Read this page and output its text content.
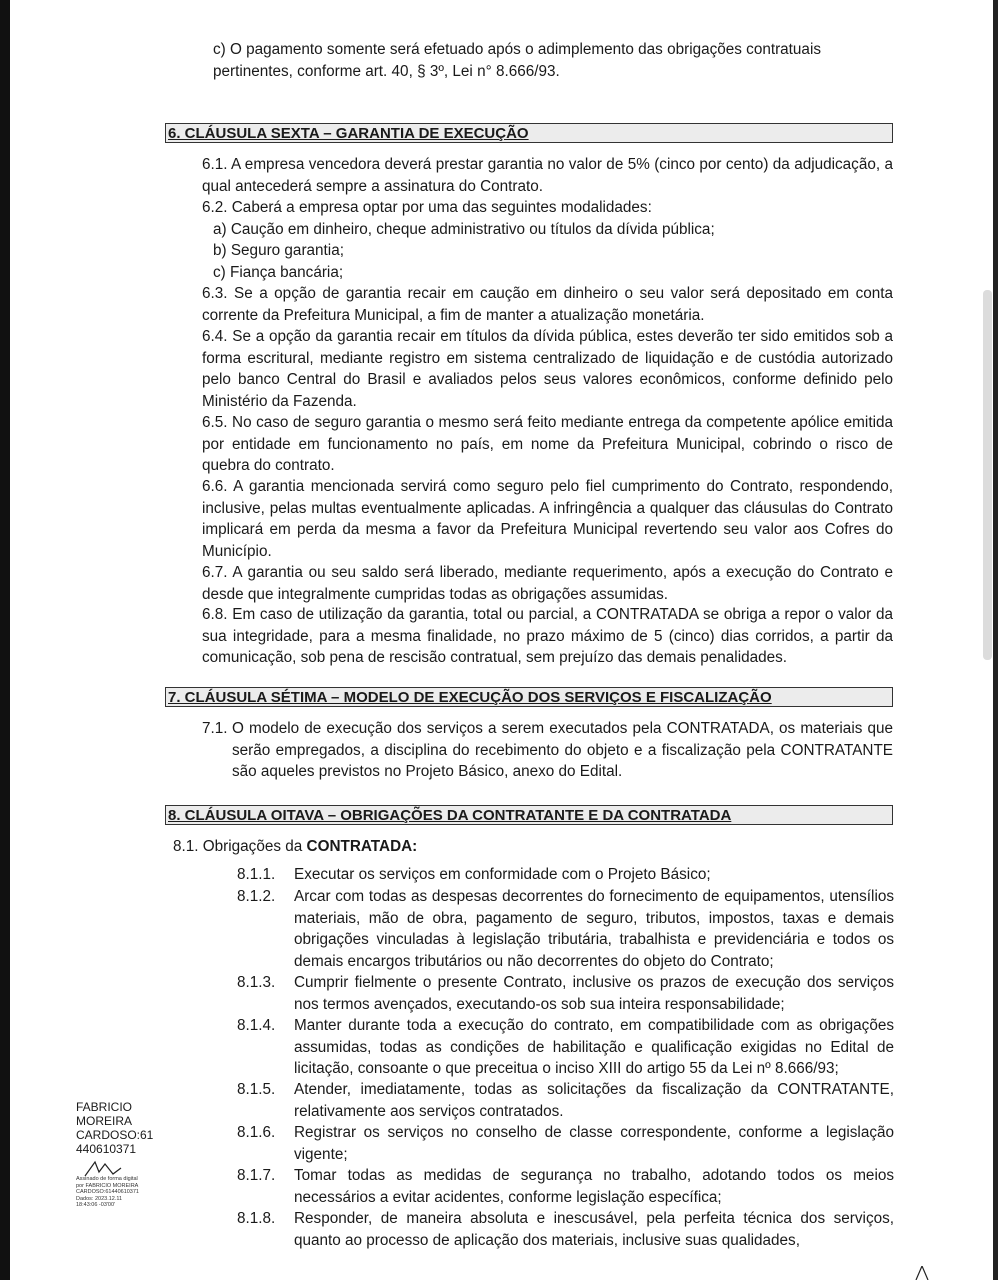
c) O pagamento somente será efetuado após o adimplemento das obrigações contratuais
pertinentes, conforme art. 40, § 3º, Lei n° 8.666/93.
6. CLÁUSULA SEXTA – GARANTIA DE EXECUÇÃO
6.1. A empresa vencedora deverá prestar garantia no valor de 5% (cinco por cento) da adjudicação, a qual antecederá sempre a assinatura do Contrato.
6.2. Caberá a empresa optar por uma das seguintes modalidades:
a) Caução em dinheiro, cheque administrativo ou títulos da dívida pública;
b) Seguro garantia;
c) Fiança bancária;
6.3. Se a opção de garantia recair em caução em dinheiro o seu valor será depositado em conta corrente da Prefeitura Municipal, a fim de manter a atualização monetária.
6.4. Se a opção da garantia recair em títulos da dívida pública, estes deverão ter sido emitidos sob a forma escritural, mediante registro em sistema centralizado de liquidação e de custódia autorizado pelo banco Central do Brasil e avaliados pelos seus valores econômicos, conforme definido pelo Ministério da Fazenda.
6.5. No caso de seguro garantia o mesmo será feito mediante entrega da competente apólice emitida por entidade em funcionamento no país, em nome da Prefeitura Municipal, cobrindo o risco de quebra do contrato.
6.6. A garantia mencionada servirá como seguro pelo fiel cumprimento do Contrato, respondendo, inclusive, pelas multas eventualmente aplicadas. A infringência a qualquer das cláusulas do Contrato implicará em perda da mesma a favor da Prefeitura Municipal revertendo seu valor aos Cofres do Município.
6.7. A garantia ou seu saldo será liberado, mediante requerimento, após a execução do Contrato e desde que integralmente cumpridas todas as obrigações assumidas.
6.8. Em caso de utilização da garantia, total ou parcial, a CONTRATADA se obriga a repor o valor da sua integridade, para a mesma finalidade, no prazo máximo de 5 (cinco) dias corridos, a partir da comunicação, sob pena de rescisão contratual, sem prejuízo das demais penalidades.
7. CLÁUSULA SÉTIMA – MODELO DE EXECUÇÃO DOS SERVIÇOS E FISCALIZAÇÃO
7.1. O modelo de execução dos serviços a serem executados pela CONTRATADA, os materiais que serão empregados, a disciplina do recebimento do objeto e a fiscalização pela CONTRATANTE são aqueles previstos no Projeto Básico, anexo do Edital.
8. CLÁUSULA OITAVA – OBRIGAÇÕES DA CONTRATANTE E DA CONTRATADA
8.1. Obrigações da CONTRATADA:
8.1.1.	Executar os serviços em conformidade com o Projeto Básico;
8.1.2.	Arcar com todas as despesas decorrentes do fornecimento de equipamentos, utensílios materiais, mão de obra, pagamento de seguro, tributos, impostos, taxas e demais obrigações vinculadas à legislação tributária, trabalhista e previdenciária e todos os demais encargos tributários ou não decorrentes do objeto do Contrato;
8.1.3.	Cumprir fielmente o presente Contrato, inclusive os prazos de execução dos serviços nos termos avençados, executando-os sob sua inteira responsabilidade;
8.1.4.	Manter durante toda a execução do contrato, em compatibilidade com as obrigações assumidas, todas as condições de habilitação e qualificação exigidas no Edital de licitação, consoante o que preceitua o inciso XIII do artigo 55 da Lei nº 8.666/93;
8.1.5.	Atender, imediatamente, todas as solicitações da fiscalização da CONTRATANTE, relativamente aos serviços contratados.
8.1.6.	Registrar os serviços no conselho de classe correspondente, conforme a legislação vigente;
8.1.7.	Tomar todas as medidas de segurança no trabalho, adotando todos os meios necessários a evitar acidentes, conforme legislação específica;
8.1.8.	Responder, de maneira absoluta e inescusável, pela perfeita técnica dos serviços, quanto ao processo de aplicação dos materiais, inclusive suas qualidades,
FABRICIO
MOREIRA
CARDOSO:61
440610371
Assinado de forma digital
por FABRICIO MOREIRA
CARDOSO:61440610371
Dados: 2023.12.11
18:43:06 -03'00'
